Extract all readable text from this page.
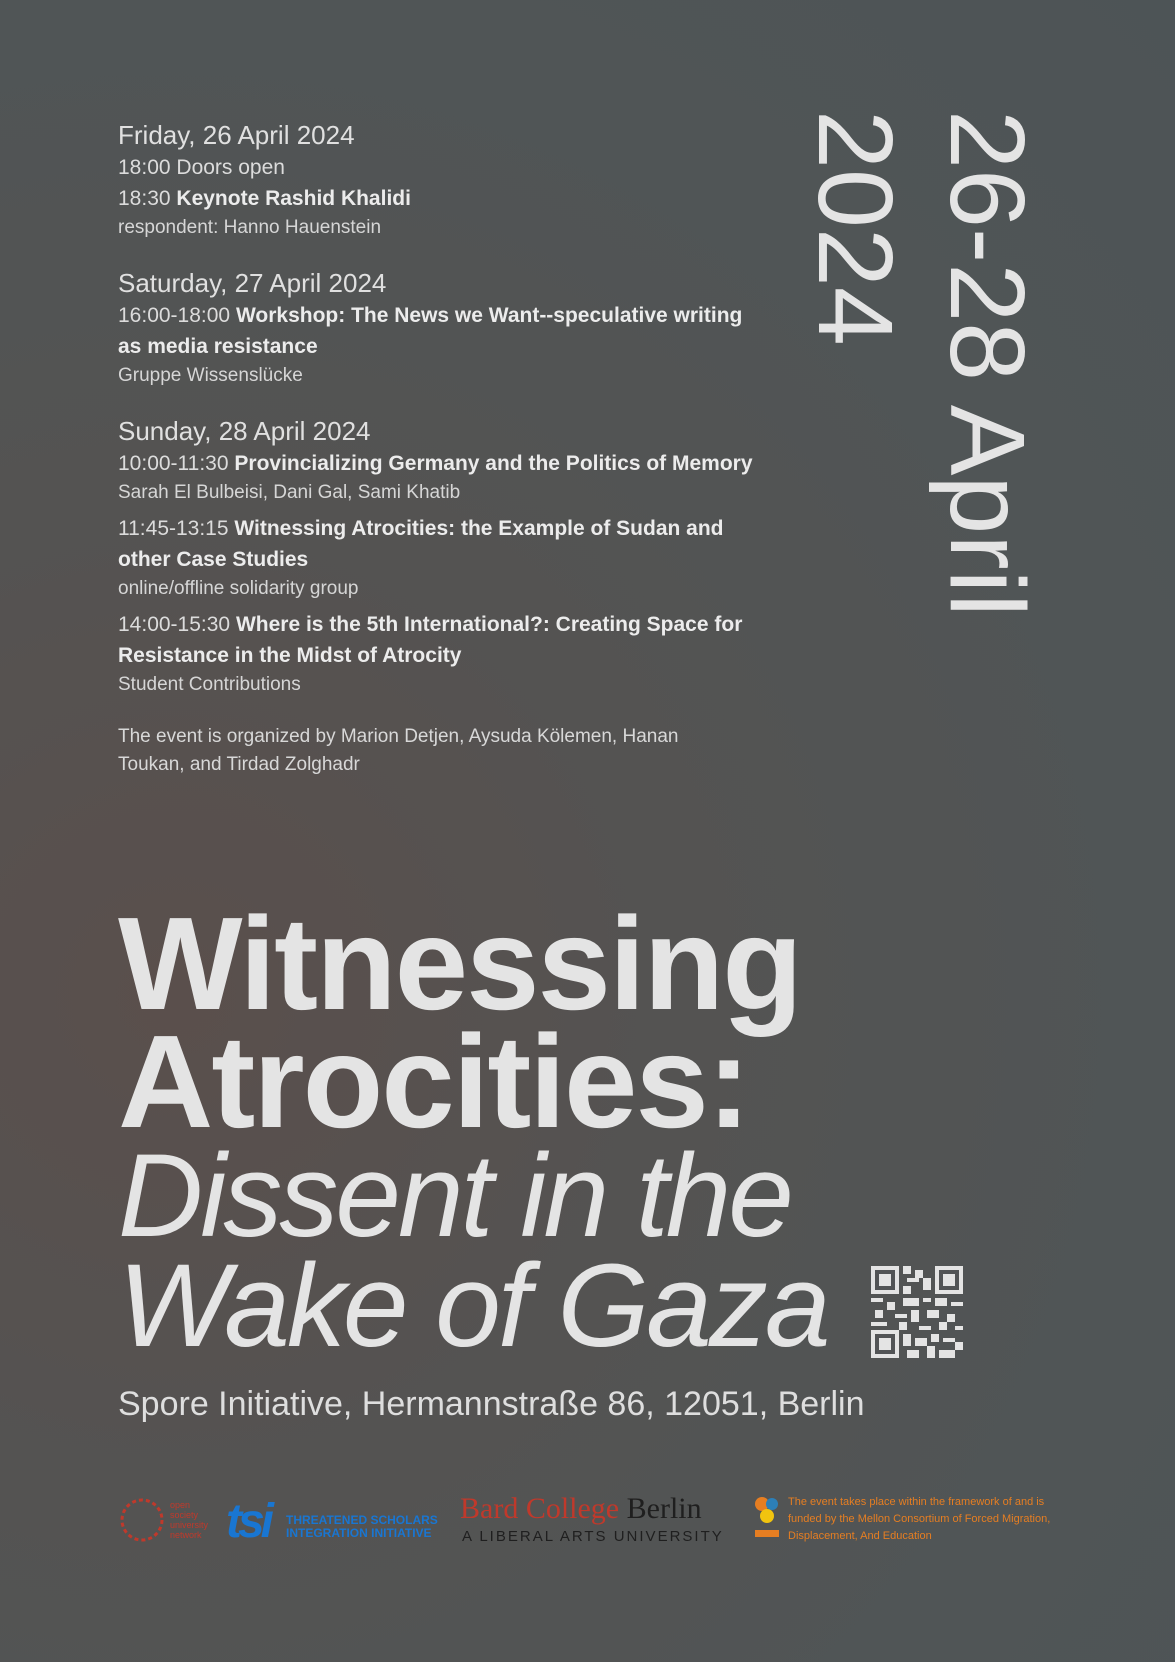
Friday, 26 April 2024
18:00 Doors open
18:30 Keynote Rashid Khalidi
respondent: Hanno Hauenstein
Saturday, 27 April 2024
16:00-18:00 Workshop: The News we Want--speculative writing as media resistance
Gruppe Wissenslücke
Sunday, 28 April 2024
10:00-11:30 Provincializing Germany and the Politics of Memory
Sarah El Bulbeisi, Dani Gal, Sami Khatib
11:45-13:15 Witnessing Atrocities: the Example of Sudan and other Case Studies
online/offline solidarity group
14:00-15:30 Where is the 5th International?: Creating Space for Resistance in the Midst of Atrocity
Student Contributions
The event is organized by Marion Detjen, Aysuda Kölemen, Hanan Toukan, and Tirdad Zolghadr
2024 26-28 April
Witnessing
Atrocities:
Dissent in the
Wake of Gaza
Spore Initiative, Hermannstraße 86, 12051, Berlin
open society university network tsi THREATENED SCHOLARS
INTEGRATION INITIATIVE
Bard College Berlin
A LIBERAL ARTS UNIVERSITY
The event takes place within the framework of and is funded by the Mellon Consortium of Forced Migration, Displacement, And Education
